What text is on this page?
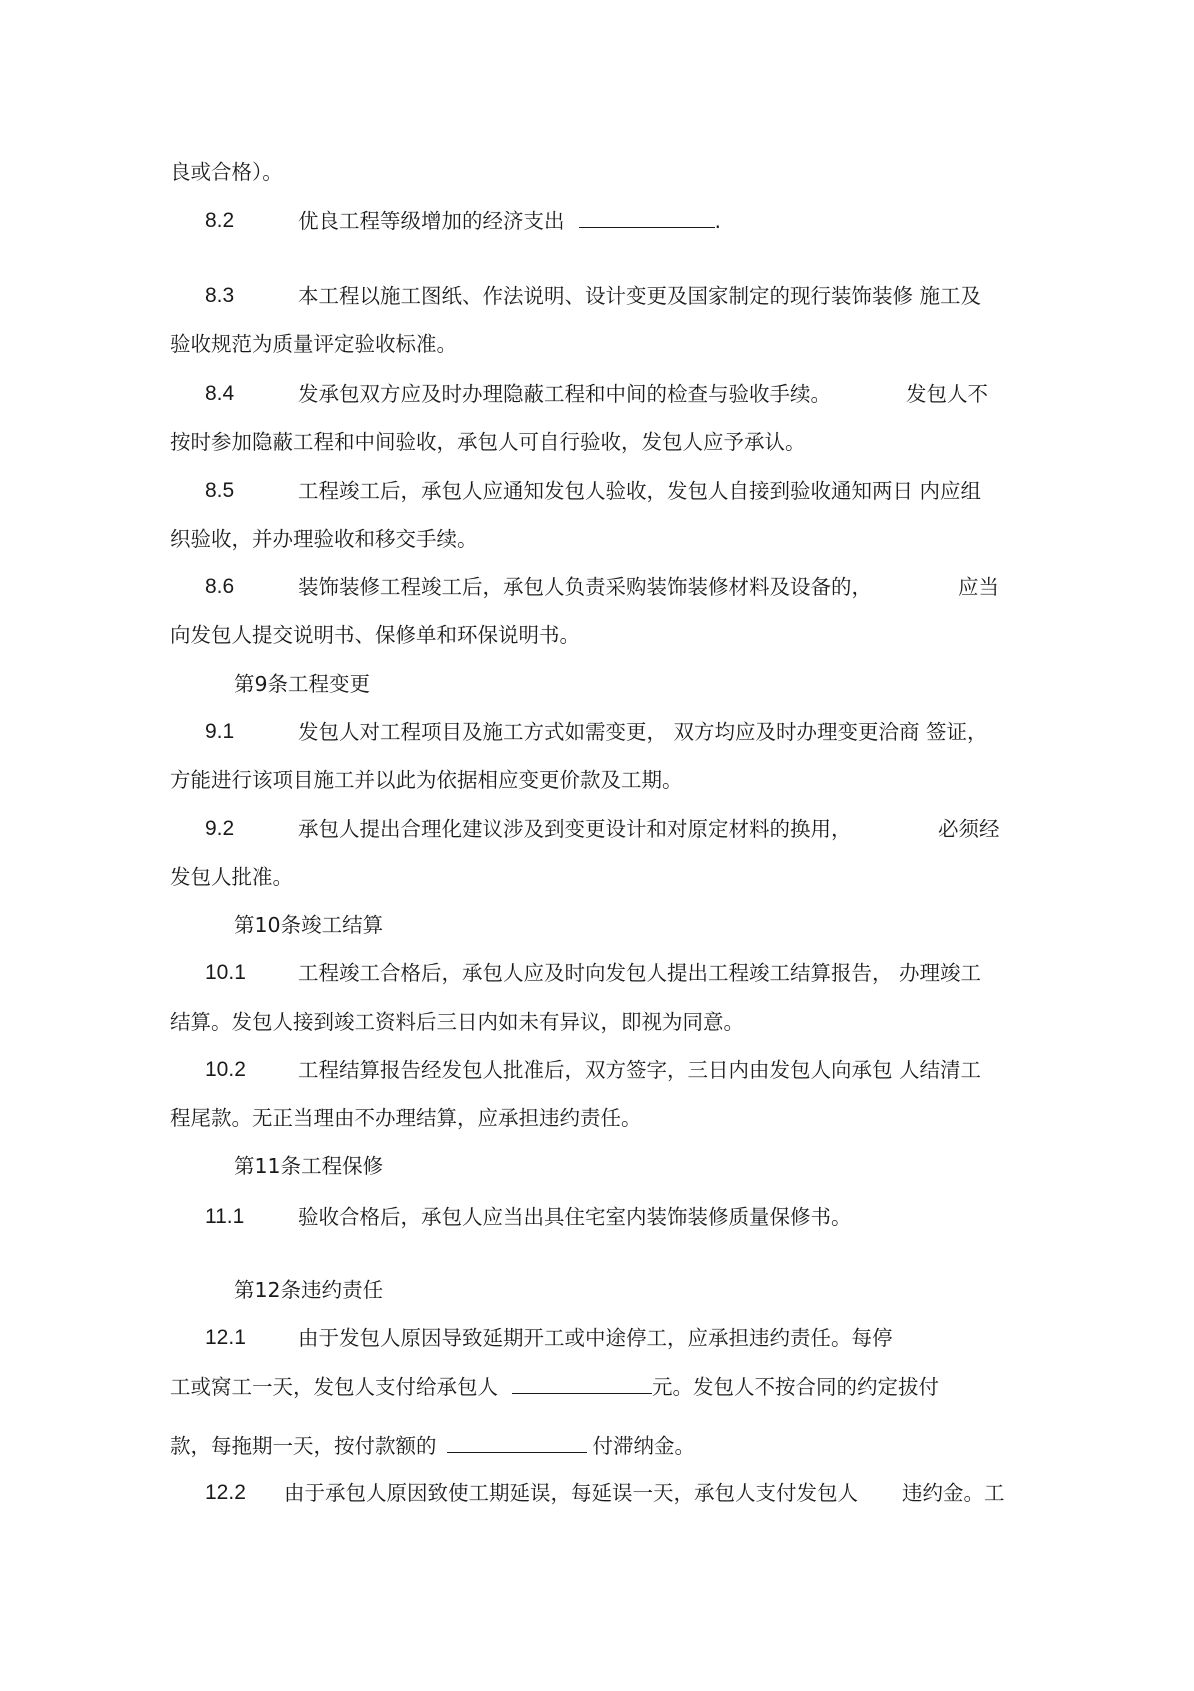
良或合格）。
8.2	优良工程等级增加的经济支出	.
8.3	本工程以施工图纸、作法说明、设计变更及国家制定的现行装饰装修 施工及
验收规范为质量评定验收标准。
8.4	发承包双方应及时办理隐蔽工程和中间的检查与验收手续。	发包人不
按时参加隐蔽工程和中间验收，承包人可自行验收，发包人应予承认。
8.5	工程竣工后，承包人应通知发包人验收，发包人自接到验收通知两日 内应组
织验收，并办理验收和移交手续。
8.6	装饰装修工程竣工后，承包人负责采购装饰装修材料及设备的，	应当
向发包人提交说明书、保修单和环保说明书。
第9条工程变更
9.1	发包人对工程项目及施工方式如需变更， 双方均应及时办理变更洽商 签证，
方能进行该项目施工并以此为依据相应变更价款及工期。
9.2	承包人提出合理化建议涉及到变更设计和对原定材料的换用，	必须经
发包人批准。
第10条竣工结算
10.1	工程竣工合格后，承包人应及时向发包人提出工程竣工结算报告， 办理竣工
结算。发包人接到竣工资料后三日内如未有异议，即视为同意。
10.2	工程结算报告经发包人批准后，双方签字，三日内由发包人向承包 人结清工
程尾款。无正当理由不办理结算，应承担违约责任。
第11条工程保修
11.1	验收合格后，承包人应当出具住宅室内装饰装修质量保修书。
第12条违约责任
12.1	由于发包人原因导致延期开工或中途停工，应承担违约责任。每停
工或窝工一天，发包人支付给承包人	元。发包人不按合同的约定拔付
款，每拖期一天，按付款额的	付滞纳金。
12.2 由于承包人原因致使工期延误，每延误一天，承包人支付发包人 违约金。工
